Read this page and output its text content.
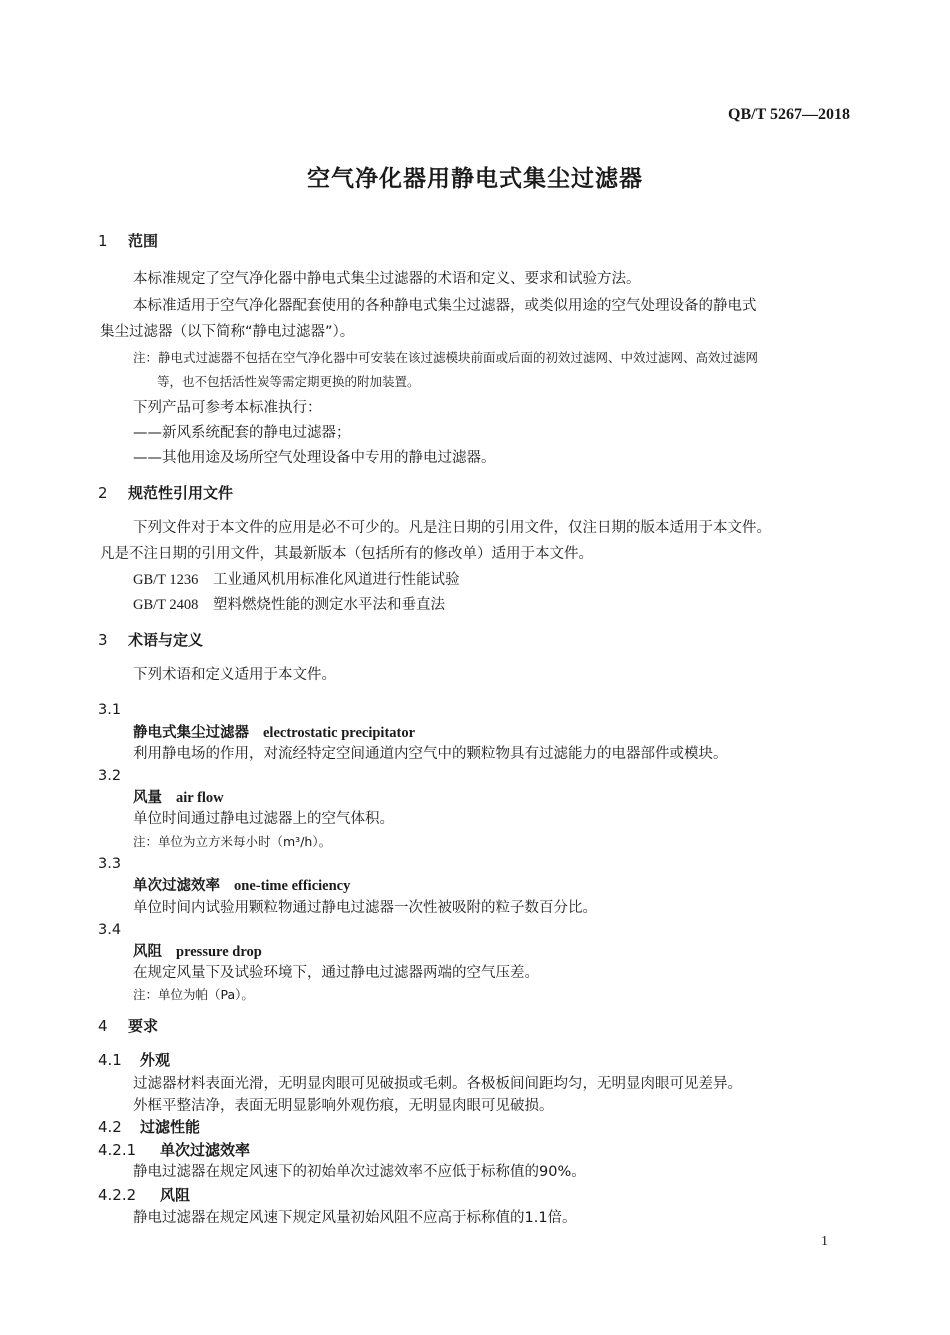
QB/T 5267—2018
空气净化器用静电式集尘过滤器
1 范围
本标准规定了空气净化器中静电式集尘过滤器的术语和定义、要求和试验方法。
本标准适用于空气净化器配套使用的各种静电式集尘过滤器，或类似用途的空气处理设备的静电式
集尘过滤器（以下简称“静电过滤器”）。
注：静电式过滤器不包括在空气净化器中可安装在该过滤模块前面或后面的初效过滤网、中效过滤网、高效过滤网
等，也不包括活性炭等需定期更换的附加装置。
下列产品可参考本标准执行：
——新风系统配套的静电过滤器；
——其他用途及场所空气处理设备中专用的静电过滤器。
2 规范性引用文件
下列文件对于本文件的应用是必不可少的。凡是注日期的引用文件，仅注日期的版本适用于本文件。
凡是不注日期的引用文件，其最新版本（包括所有的修改单）适用于本文件。
GB/T 1236 工业通风机用标准化风道进行性能试验
GB/T 2408 塑料燃烧性能的测定水平法和垂直法
3 术语与定义
下列术语和定义适用于本文件。
3.1
静电式集尘过滤器 electrostatic precipitator
利用静电场的作用，对流经特定空间通道内空气中的颗粒物具有过滤能力的电器部件或模块。
3.2
风量 air flow
单位时间通过静电过滤器上的空气体积。
注：单位为立方米每小时（m³/h）。
3.3
单次过滤效率 one-time efficiency
单位时间内试验用颗粒物通过静电过滤器一次性被吸附的粒子数百分比。
3.4
风阻 pressure drop
在规定风量下及试验环境下，通过静电过滤器两端的空气压差。
注：单位为帕（Pa）。
4 要求
4.1 外观
过滤器材料表面光滑，无明显肉眼可见破损或毛刺。各极板间间距均匀，无明显肉眼可见差异。
外框平整洁净，表面无明显影响外观伤痕，无明显肉眼可见破损。
4.2 过滤性能
4.2.1 单次过滤效率
静电过滤器在规定风速下的初始单次过滤效率不应低于标称值的90%。
4.2.2 风阻
静电过滤器在规定风速下规定风量初始风阻不应高于标称值的1.1倍。
1
